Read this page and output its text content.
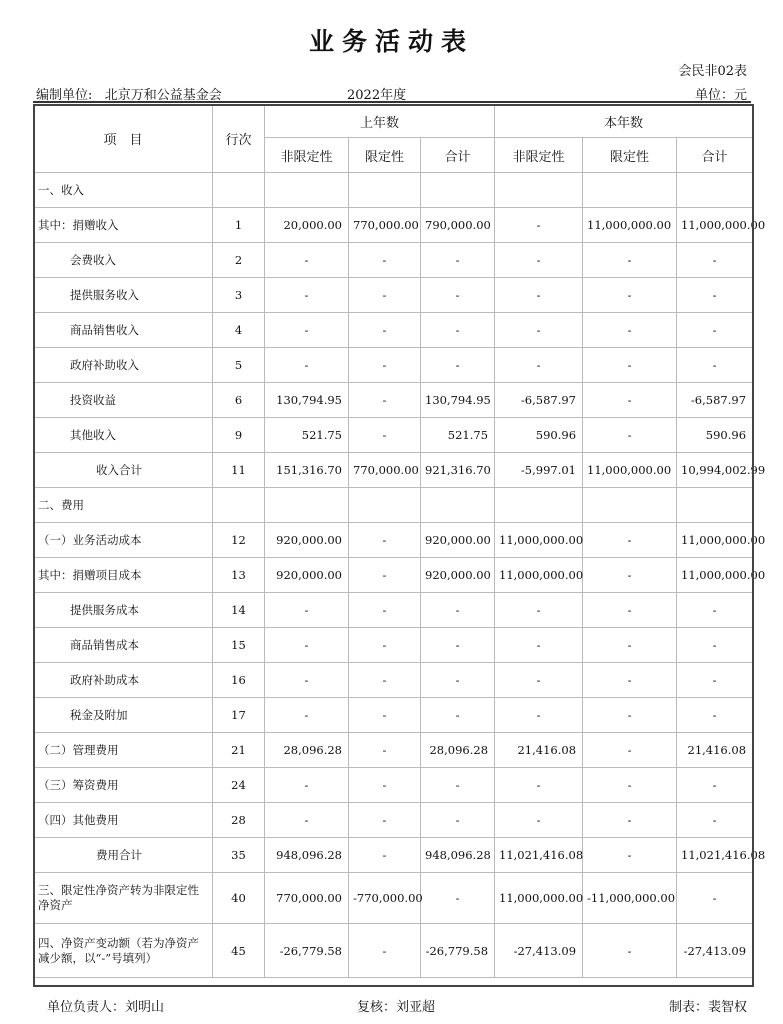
业务活动表
会民非02表
编制单位: 北京万和公益基金会	2022年度	单位：元
项　目	行次	上年数			本年数		
		非限定性	限定性	合计	非限定性	限定性	合计
一、收入							
其中：捐赠收入	1	20,000.00	770,000.00	790,000.00	-	11,000,000.00	11,000,000.00
会费收入	2	-	-	-	-	-	-
提供服务收入	3	-	-	-	-	-	-
商品销售收入	4	-	-	-	-	-	-
政府补助收入	5	-	-	-	-	-	-
投资收益	6	130,794.95	-	130,794.95	-6,587.97	-	-6,587.97
其他收入	9	521.75	-	521.75	590.96	-	590.96
收入合计	11	151,316.70	770,000.00	921,316.70	-5,997.01	11,000,000.00	10,994,002.99
二、费用							
（一）业务活动成本	12	920,000.00	-	920,000.00	11,000,000.00	-	11,000,000.00
其中：捐赠项目成本	13	920,000.00	-	920,000.00	11,000,000.00	-	11,000,000.00
提供服务成本	14	-	-	-	-	-	-
商品销售成本	15	-	-	-	-	-	-
政府补助成本	16	-	-	-	-	-	-
税金及附加	17	-	-	-	-	-	-
（二）管理费用	21	28,096.28	-	28,096.28	21,416.08	-	21,416.08
（三）筹资费用	24	-	-	-	-	-	-
（四）其他费用	28	-	-	-	-	-	-
费用合计	35	948,096.28	-	948,096.28	11,021,416.08	-	11,021,416.08
三、限定性净资产转为非限定性净资产	40	770,000.00	-770,000.00	-	11,000,000.00	-11,000,000.00	-
四、净资产变动额（若为净资产减少额，以“-”号填列）	45	-26,779.58	-	-26,779.58	-27,413.09	-	-27,413.09
单位负责人：刘明山	复核：刘亚超	制表：裴智权
